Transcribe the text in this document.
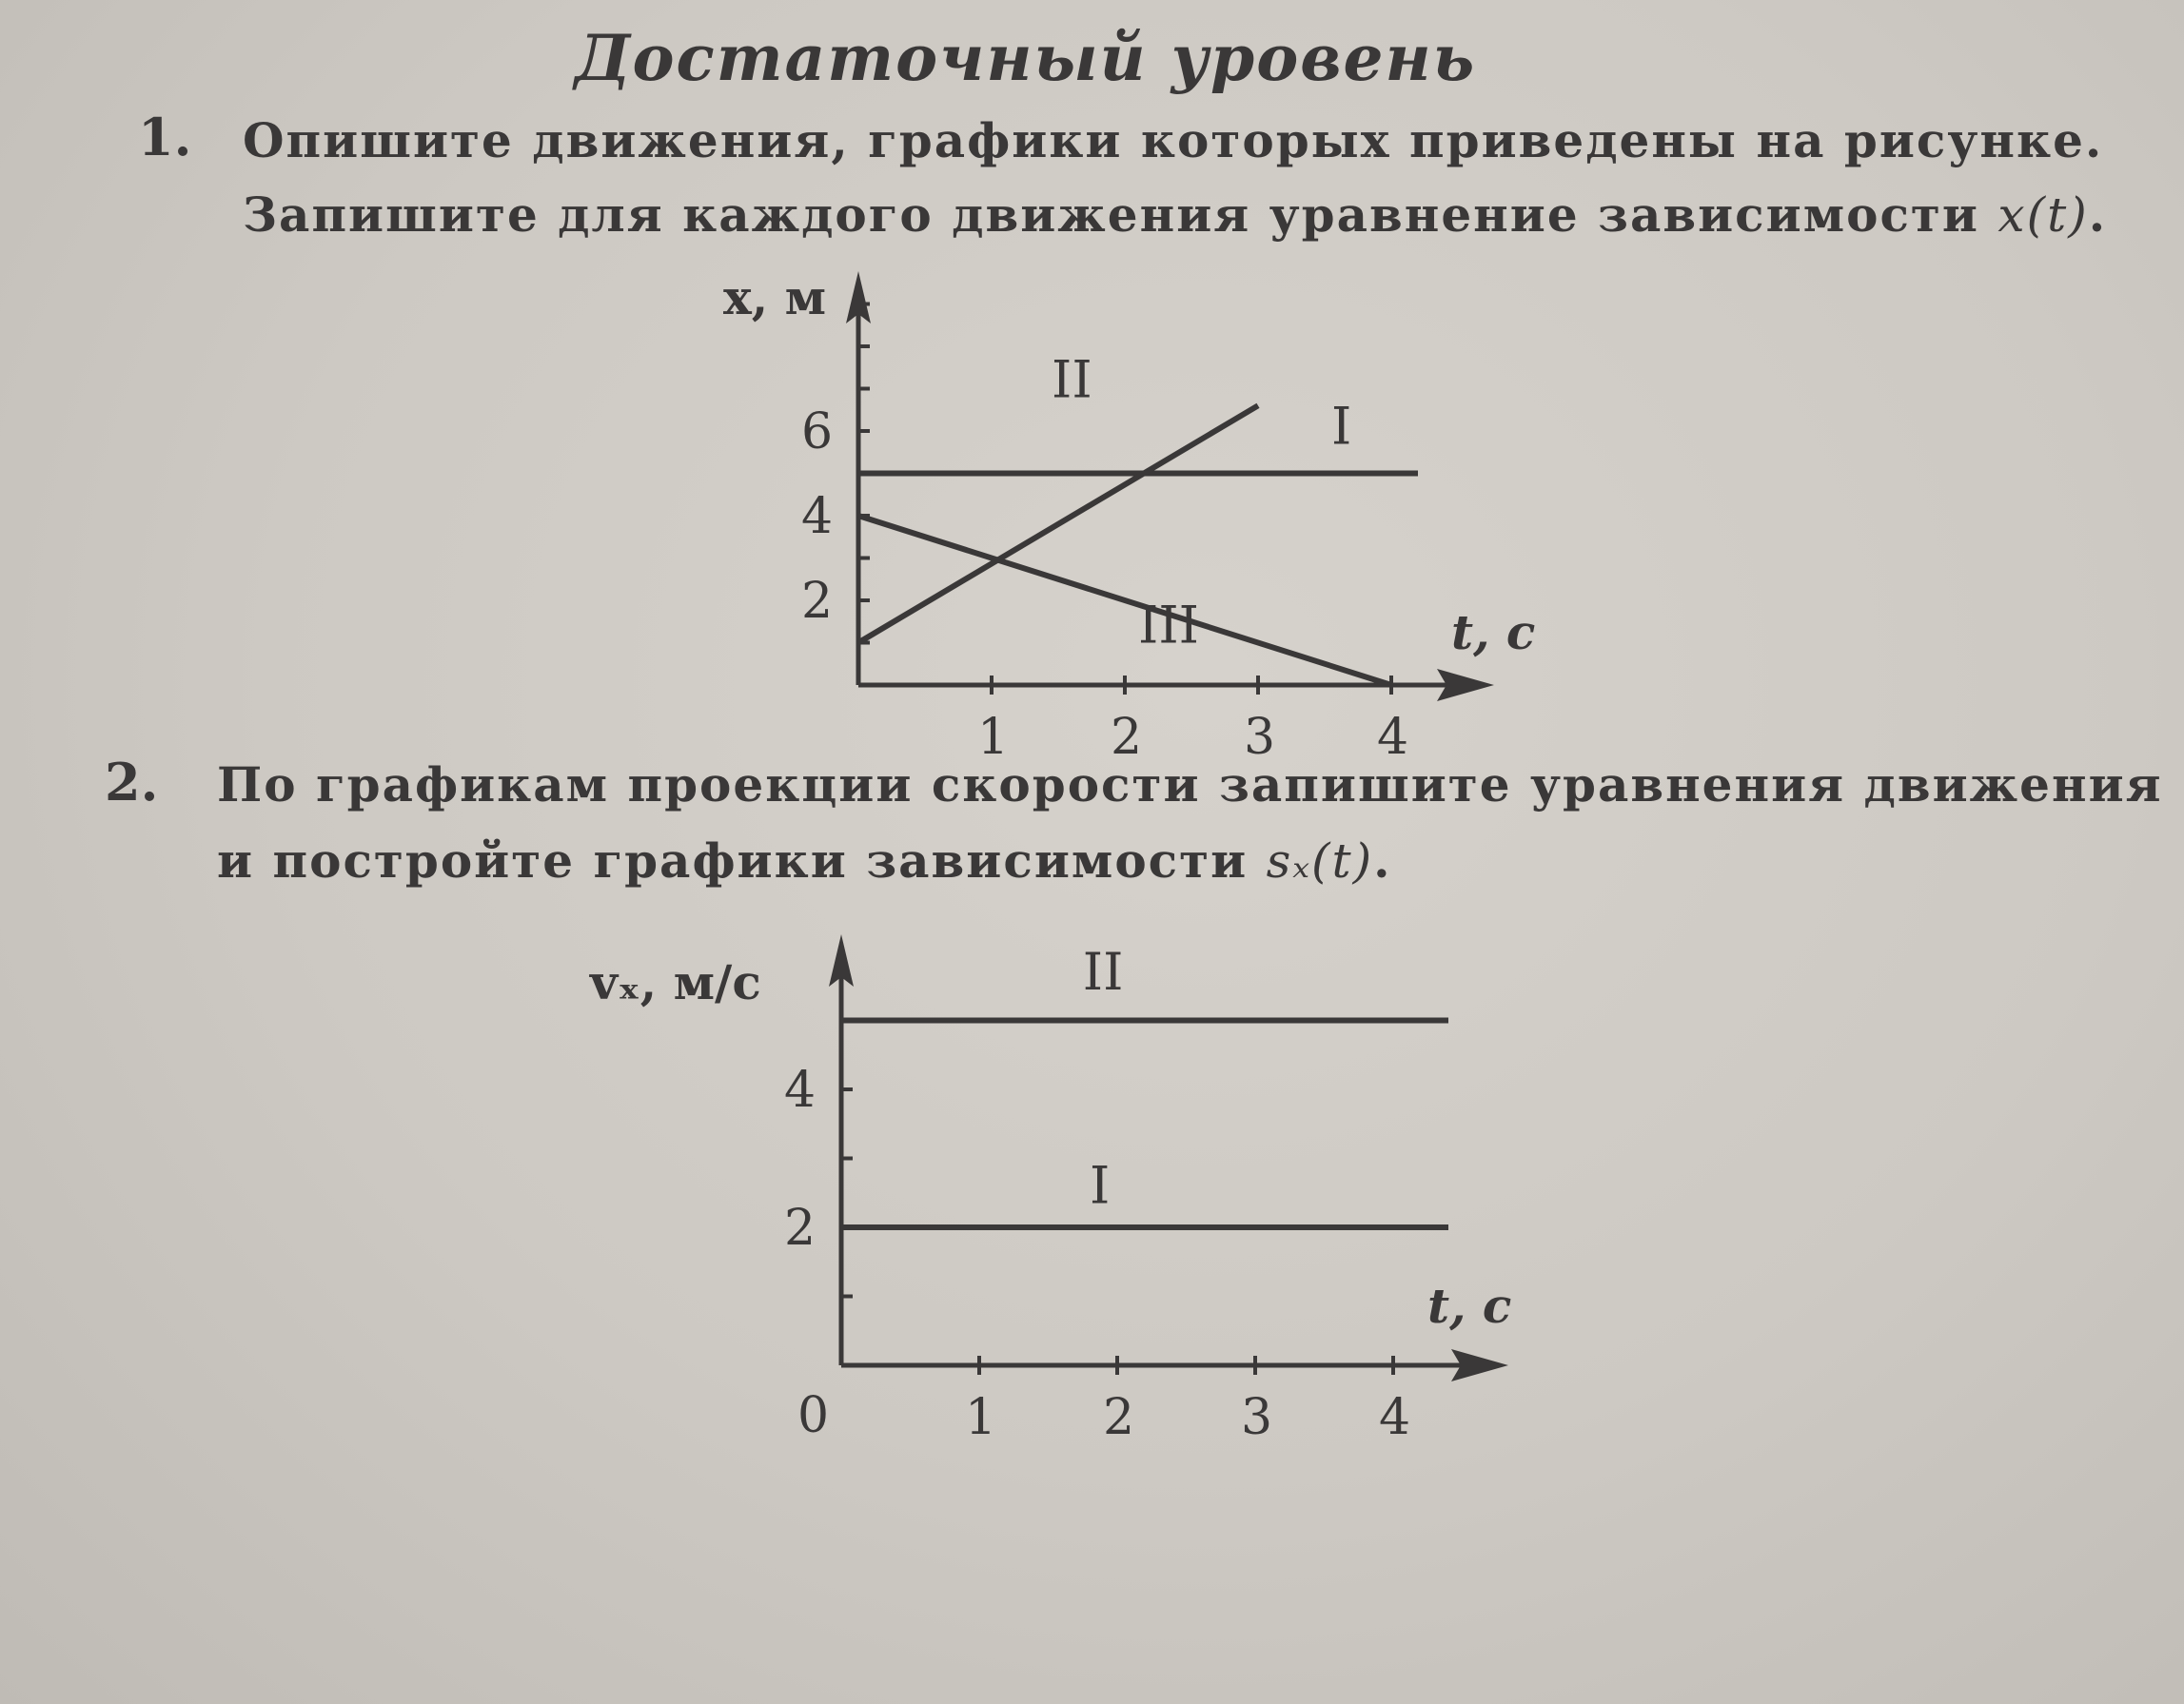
Достаточный уровень
1. Опишите движения, графики которых приведены на рисунке.
Запишите для каждого движения уравнение зависимости x(t).
2. По графикам проекции скорости запишите уравнения движения
и постройте графики зависимости sₓ(t).
x, м
t, с
I
II
III
1 2 3 4
2
4
6
vₓ, м/с
t, с
0
I
II
1 2 3 4
2
4
